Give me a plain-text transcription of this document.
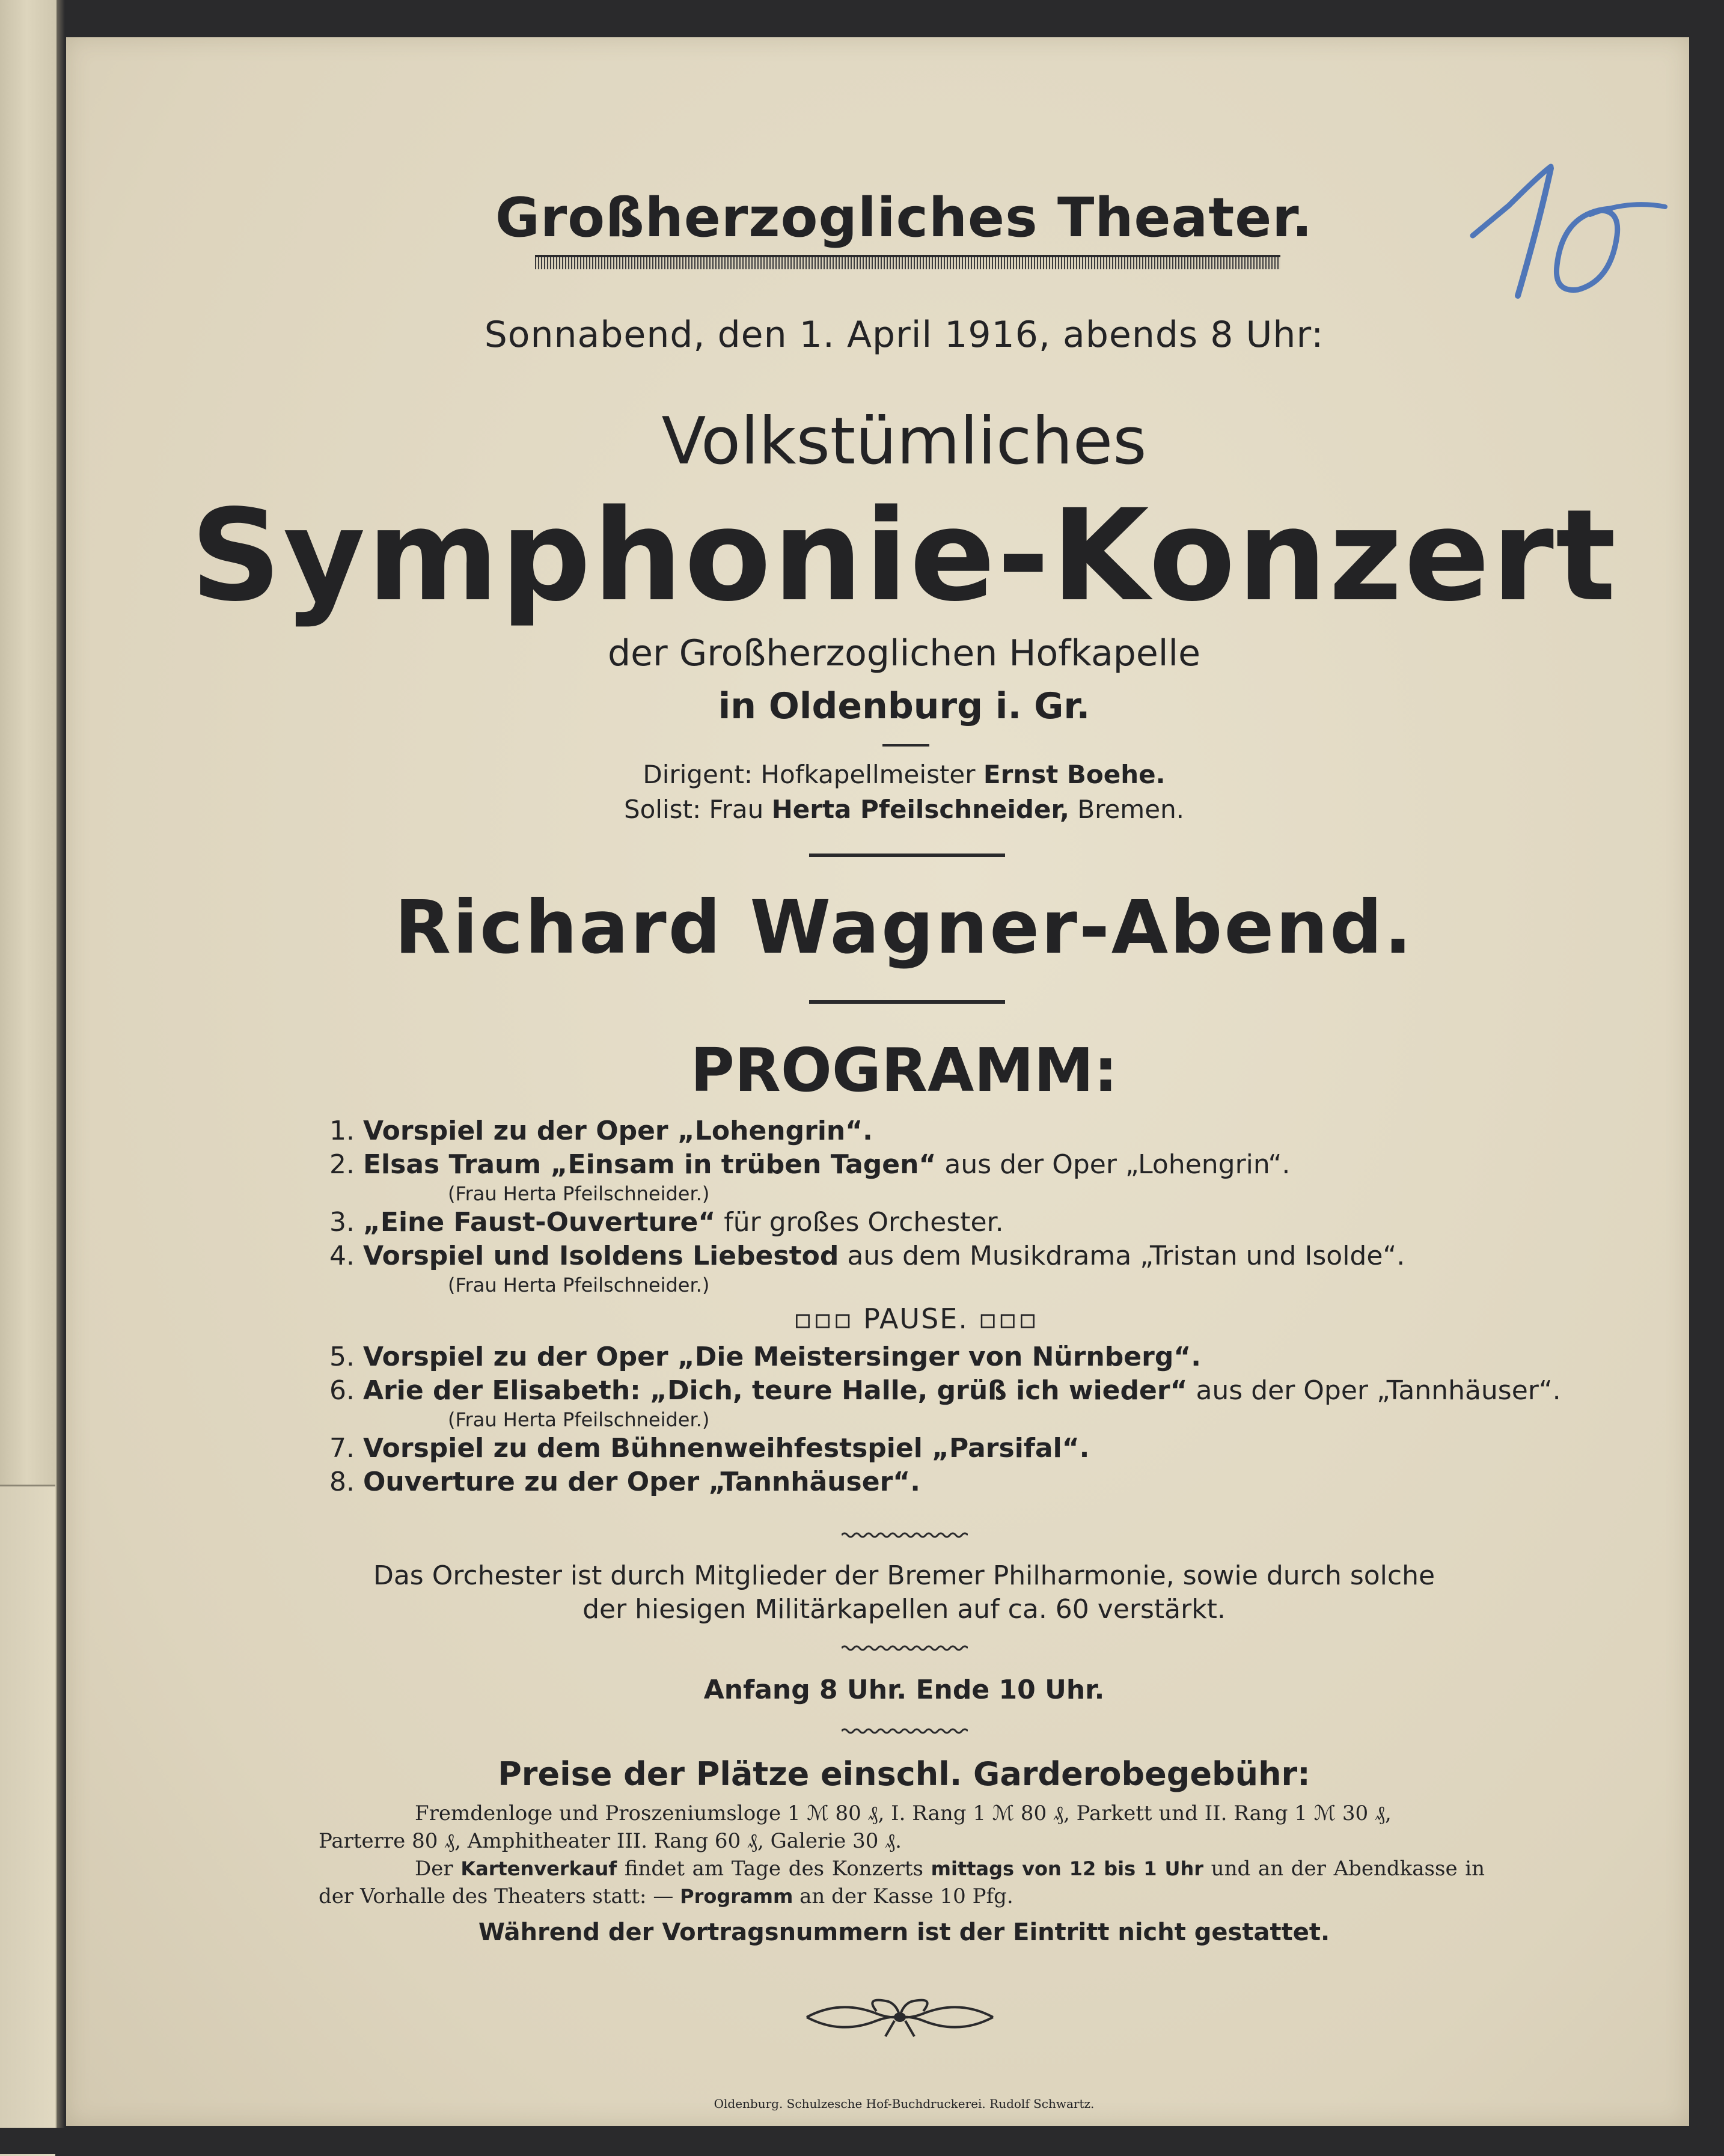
Großherzogliches Theater.
Sonnabend, den 1. April 1916, abends 8 Uhr:
Volkstümliches
Symphonie-Konzert
der Großherzoglichen Hofkapelle
in Oldenburg i. Gr.
Dirigent: Hofkapellmeister Ernst Boehe.
Solist: Frau Herta Pfeilschneider, Bremen.
Richard Wagner-Abend.
PROGRAMM:
1. Vorspiel zu der Oper „Lohengrin“.
2. Elsas Traum „Einsam in trüben Tagen“ aus der Oper „Lohengrin“.
(Frau Herta Pfeilschneider.)
3. „Eine Faust-Ouverture“ für großes Orchester.
4. Vorspiel und Isoldens Liebestod aus dem Musikdrama „Tristan und Isolde“.
(Frau Herta Pfeilschneider.)
▫▫▫ PAUSE. ▫▫▫
5. Vorspiel zu der Oper „Die Meistersinger von Nürnberg“.
6. Arie der Elisabeth: „Dich, teure Halle, grüß ich wieder“ aus der Oper „Tannhäuser“.
(Frau Herta Pfeilschneider.)
7. Vorspiel zu dem Bühnenweihfestspiel „Parsifal“.
8. Ouverture zu der Oper „Tannhäuser“.
Das Orchester ist durch Mitglieder der Bremer Philharmonie, sowie durch solche
der hiesigen Militärkapellen auf ca. 60 verstärkt.
Anfang 8 Uhr. Ende 10 Uhr.
Preise der Plätze einschl. Garderobegebühr:

Fremdenloge und Proszeniumsloge 1 ℳ 80 ₰, I. Rang 1 ℳ 80 ₰, Parkett und II. Rang 1 ℳ 30 ₰,

Parterre 80 ₰, Amphitheater III. Rang 60 ₰, Galerie 30 ₰.

Der Kartenverkauf findet am Tage des Konzerts mittags von 12 bis 1 Uhr und an der Abendkasse in der Vorhalle des Theaters statt: — Programm an der Kasse 10 Pfg.

Während der Vortragsnummern ist der Eintritt nicht gestattet.
Oldenburg. Schulzesche Hof-Buchdruckerei. Rudolf Schwartz.
